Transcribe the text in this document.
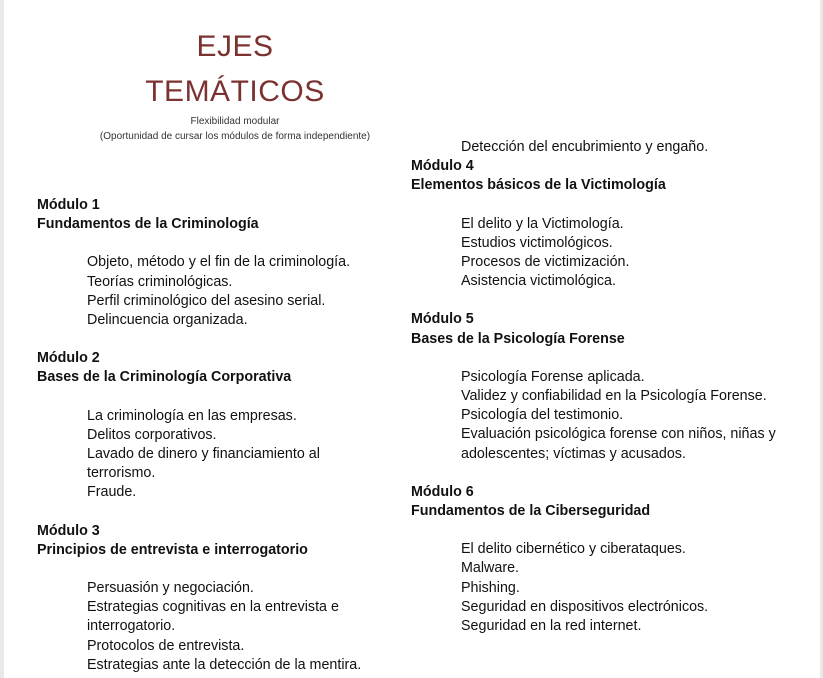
EJES
TEMÁTICOS

Flexibilidad modular

(Oportunidad de cursar los módulos de forma independiente)

Módulo 1

Fundamentos de la Criminología

Objeto, método y el fin de la criminología.
Teorías criminológicas.
Perfil criminológico del asesino serial.
Delincuencia organizada.

Módulo 2

Bases de la Criminología Corporativa

La criminología en las empresas.
Delitos corporativos.
Lavado de dinero y financiamiento al terrorismo.
Fraude.

Módulo 3

Principios de entrevista e interrogatorio

Persuasión y negociación.
Estrategias cognitivas en la entrevista e interrogatorio.
Protocolos de entrevista.
Estrategias ante la detección de la mentira.

Detección del encubrimiento y engaño.

Módulo 4

Elementos básicos de la Victimología

El delito y la Victimología.
Estudios victimológicos.
Procesos de victimización.
Asistencia victimológica.

Módulo 5

Bases de la Psicología Forense

Psicología Forense aplicada.
Validez y confiabilidad en la Psicología Forense.
Psicología del testimonio.
Evaluación psicológica forense con niños, niñas y adolescentes; víctimas y acusados.

Módulo 6

Fundamentos de la Ciberseguridad

El delito cibernético y ciberataques.
Malware.
Phishing.
Seguridad en dispositivos electrónicos.
Seguridad en la red internet.
